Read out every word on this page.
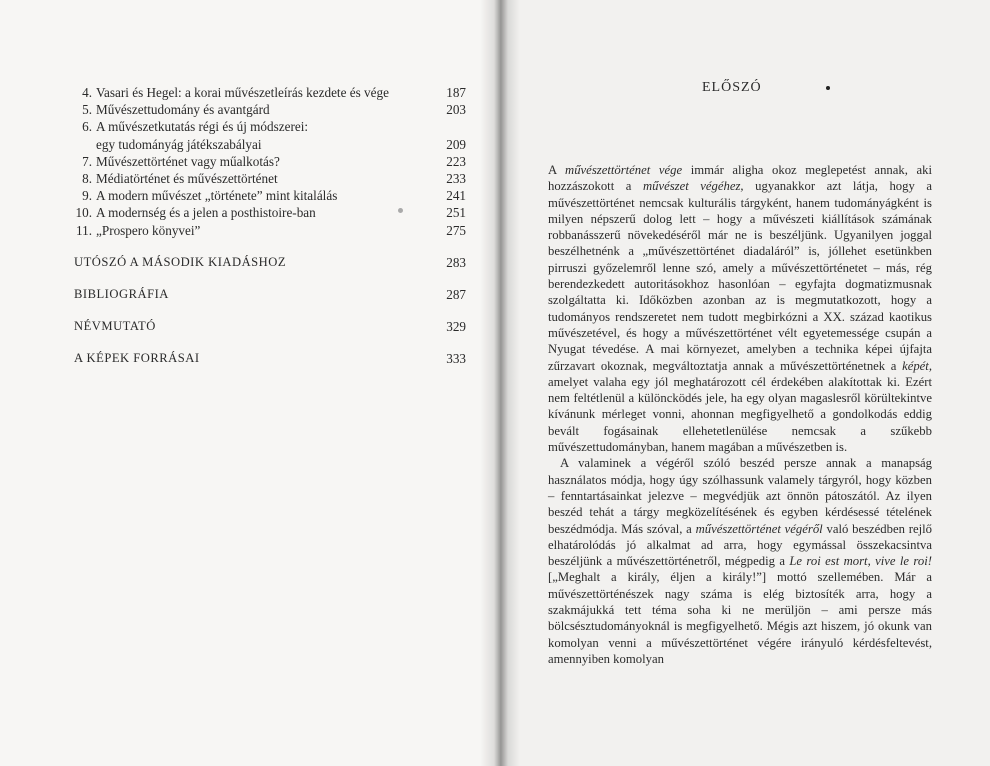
4. Vasari és Hegel: a korai művészetleírás kezdete és vége	187
5. Művészettudomány és avantgárd	203
6. A művészetkutatás régi és új módszerei:
egy tudományág játékszabályai	209
7. Művészettörténet vagy műalkotás?	223
8. Médiatörténet és művészettörténet	233
9. A modern művészet „története” mint kitalálás	241
10. A modernség és a jelen a posthistoire-ban	251
11. „Prospero könyvei”	275
UTÓSZÓ A MÁSODIK KIADÁSHOZ	283
BIBLIOGRÁFIA	287
NÉVMUTATÓ	329
A KÉPEK FORRÁSAI	333
ELŐSZÓ

A művészettörténet vége immár aligha okoz meglepetést annak, aki hozzászokott a művészet végéhez, ugyanakkor azt látja, hogy a művészettörténet nemcsak kulturális tárgyként, hanem tudományágként is milyen népszerű dolog lett – hogy a művészeti kiállítások számának robbanásszerű növekedéséről már ne is beszéljünk. Ugyanilyen joggal beszélhetnénk a „művészettörténet diadaláról” is, jóllehet esetünkben pirruszi győzelemről lenne szó, amely a művészettörténetet – más, rég berendezkedett autoritásokhoz hasonlóan – egyfajta dogmatizmusnak szolgáltatta ki. Időközben azonban az is megmutatkozott, hogy a tudományos rendszeretet nem tudott megbirkózni a XX. század kaotikus művészetével, és hogy a művészettörténet vélt egyetemessége csupán a Nyugat tévedése. A mai környezet, amelyben a technika képei újfajta zűrzavart okoznak, megváltoztatja annak a művészettörténetnek a képét, amelyet valaha egy jól meghatározott cél érdekében alakítottak ki. Ezért nem feltétlenül a különcködés jele, ha egy olyan magaslesről körültekintve kívánunk mérleget vonni, ahonnan megfigyelhető a gondolkodás eddig bevált fogásainak ellehetetlenülése nemcsak a szűkebb művészettudományban, hanem magában a művészetben is.

A valaminek a végéről szóló beszéd persze annak a manapság használatos módja, hogy úgy szólhassunk valamely tárgyról, hogy közben – fenntartásainkat jelezve – megvédjük azt önnön pátoszától. Az ilyen beszéd tehát a tárgy megközelítésének és egyben kérdésessé tételének beszédmódja. Más szóval, a művészettörténet végéről való beszédben rejlő elhatárolódás jó alkalmat ad arra, hogy egymással összekacsintva beszéljünk a művészettörténetről, mégpedig a Le roi est mort, vive le roi! [„Meghalt a király, éljen a király!”] mottó szellemében. Már a művészettörténészek nagy száma is elég biztosíték arra, hogy a szakmájukká tett téma soha ki ne merüljön – ami persze más bölcsésztudományoknál is megfigyelhető. Mégis azt hiszem, jó okunk van komolyan venni a művészettörténet végére irányuló kérdésfeltevést, amennyiben komolyan
